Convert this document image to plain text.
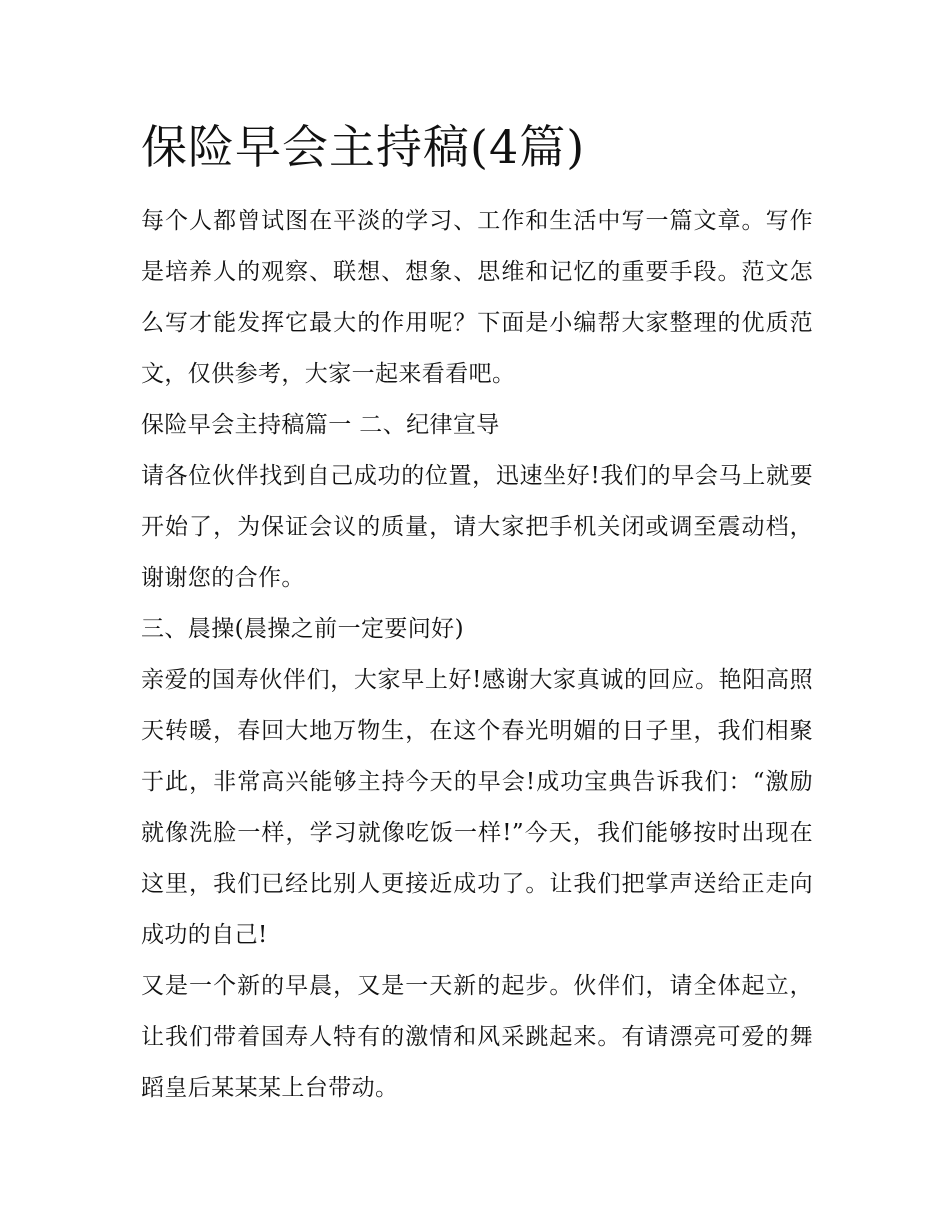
保险早会主持稿(4篇)

每个人都曾试图在平淡的学习、工作和生活中写一篇文章。写作是培养人的观察、联想、想象、思维和记忆的重要手段。范文怎么写才能发挥它最大的作用呢？下面是小编帮大家整理的优质范文，仅供参考，大家一起来看看吧。

保险早会主持稿篇一 二、纪律宣导

请各位伙伴找到自己成功的位置，迅速坐好!我们的早会马上就要开始了，为保证会议的质量，请大家把手机关闭或调至震动档，谢谢您的合作。

三、晨操(晨操之前一定要问好)

亲爱的国寿伙伴们，大家早上好!感谢大家真诚的回应。艳阳高照天转暖，春回大地万物生，在这个春光明媚的日子里，我们相聚于此，非常高兴能够主持今天的早会!成功宝典告诉我们：“激励就像洗脸一样，学习就像吃饭一样!”今天，我们能够按时出现在这里，我们已经比别人更接近成功了。让我们把掌声送给正走向成功的自己!

又是一个新的早晨，又是一天新的起步。伙伴们，请全体起立，让我们带着国寿人特有的激情和风采跳起来。有请漂亮可爱的舞蹈皇后某某某上台带动。
